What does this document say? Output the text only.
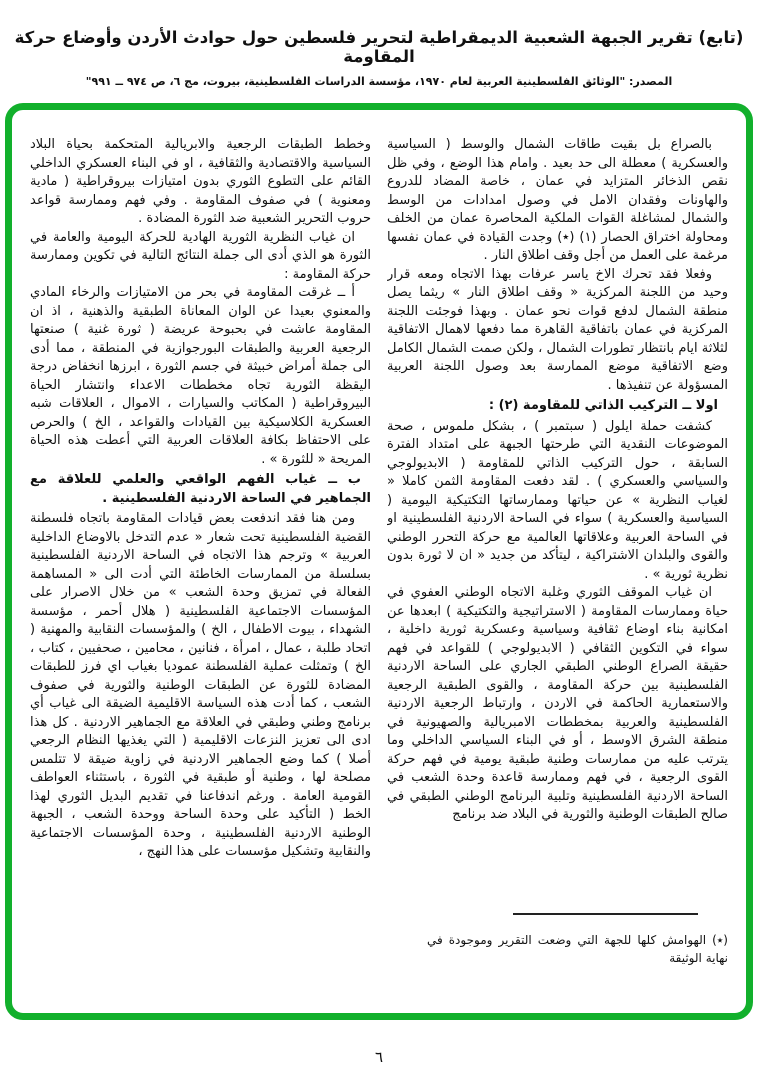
(تابع) تقرير الجبهة الشعبية الديمقراطية لتحرير فلسطين حول حوادث الأردن وأوضاع حركة المقاومة
المصدر: "الوثائق الفلسطينية العربية لعام ١٩٧٠، مؤسسة الدراسات الفلسطينية، بيروت، مج ٦، ص ٩٧٤ ــ ٩٩١"

بالصراع بل بقيت طاقات الشمال والوسط ( السياسية والعسكرية ) معطلة الى حد بعيد . وامام هذا الوضع ، وفي ظل نقص الذخائر المتزايد في عمان ، خاصة المضاد للدروع والهاونات وفقدان الامل في وصول امدادات من الوسط والشمال لمشاغلة القوات الملكية المحاصرة عمان من الخلف ومحاولة اختراق الحصار (١) (٭) وجدت القيادة في عمان نفسها مرغمة على العمل من أجل وقف اطلاق النار .

وفعلا فقد تحرك الاخ ياسر عرفات بهذا الاتجاه ومعه قرار وحيد من اللجنة المركزية « وقف اطلاق النار » ريثما يصل منطقة الشمال لدفع قوات نحو عمان . وبهذا فوجئت اللجنة المركزية في عمان باتفاقية القاهرة مما دفعها لاهمال الاتفاقية لثلاثة ايام بانتظار تطورات الشمال ، ولكن صمت الشمال الكامل وضع الاتفاقية موضع الممارسة بعد وصول اللجنة العربية المسؤولة عن تنفيذها .

اولا ــ التركيب الذاتي للمقاومة (٢) :

كشفت حملة ايلول ( سبتمبر ) ، بشكل ملموس ، صحة الموضوعات النقدية التي طرحتها الجبهة على امتداد الفترة السابقة ، حول التركيب الذاتي للمقاومة ( الابديولوجي والسياسي والعسكري ) . لقد دفعت المقاومة الثمن كاملا « لغياب النظرية » عن حياتها وممارساتها التكتيكية اليومية ( السياسية والعسكرية ) سواء في الساحة الاردنية الفلسطينية او في الساحة العربية وعلاقاتها العالمية مع حركة التحرر الوطني والقوى والبلدان الاشتراكية ، ليتأكد من جديد « ان لا ثورة بدون نظرية ثورية » .

ان غياب الموقف الثوري وغلبة الاتجاه الوطني العفوي في حياة وممارسات المقاومة ( الاستراتيجية والتكتيكية ) ابعدها عن امكانية بناء اوضاع ثقافية وسياسية وعسكرية ثورية داخلية ، سواء في التكوين الثقافي ( الابديولوجي ) للقواعد في فهم حقيقة الصراع الوطني الطبقي الجاري على الساحة الاردنية الفلسطينية بين حركة المقاومة ، والقوى الطبقية الرجعية والاستعمارية الحاكمة في الاردن ، وارتباط الرجعية الاردنية الفلسطينية والعربية بمخططات الامبريالية والصهيونية في منطقة الشرق الاوسط ، أو في البناء السياسي الداخلي وما يترتب عليه من ممارسات وطنية طبقية يومية في فهم حركة القوى الرجعية ، في فهم وممارسة قاعدة وحدة الشعب في الساحة الاردنية الفلسطينية وتلبية البرنامج الوطني الطبقي في صالح الطبقات الوطنية والثورية في البلاد ضد برنامج

(٭) الهوامش كلها للجهة التي وضعت التقرير وموجودة في نهاية الوثيقة

وخطط الطبقات الرجعية والابريالية المتحكمة بحياة البلاد السياسية والاقتصادية والثقافية ، او في البناء العسكري الداخلي القائم على التطوع الثوري بدون امتيازات بيروقراطية ( مادية ومعنوية ) في صفوف المقاومة . وفي فهم وممارسة قواعد حروب التحرير الشعبية ضد الثورة المضادة .

ان غياب النظرية الثورية الهادية للحركة اليومية والعامة في الثورة هو الذي أدى الى جملة النتائج التالية في تكوين وممارسة حركة المقاومة :

أ ــ غرقت المقاومة في بحر من الامتيازات والرخاء المادي والمعنوي بعيدا عن الوان المعاناة الطبقية والذهنية ، اذ ان المقاومة عاشت في بحبوحة عريضة ( ثورة غنية ) صنعتها الرجعية العربية والطبقات البورجوازية في المنطقة ، مما أدى الى جملة أمراض خبيثة في جسم الثورة ، ابرزها انخفاض درجة اليقظة الثورية تجاه مخططات الاعداء وانتشار الحياة البيروقراطية ( المكاتب والسيارات ، الاموال ، العلاقات شبه العسكرية الكلاسيكية بين القيادات والقواعد ، الخ ) والحرص على الاحتفاظ بكافة العلاقات العربية التي أعطت هذه الحياة المريحة « للثورة » .

ب ــ غياب الفهم الواقعي والعلمي للعلاقة مع الجماهير في الساحة الاردنية الفلسطينية .

ومن هنا فقد اندفعت بعض قيادات المقاومة باتجاه فلسطنة القضية الفلسطينية تحت شعار « عدم التدخل بالاوضاع الداخلية العربية » وترجم هذا الاتجاه في الساحة الاردنية الفلسطينية بسلسلة من الممارسات الخاطئة التي أدت الى « المساهمة الفعالة في تمزيق وحدة الشعب » من خلال الاصرار على المؤسسات الاجتماعية الفلسطينية ( هلال أحمر ، مؤسسة الشهداء ، بيوت الاطفال ، الخ ) والمؤسسات النقابية والمهنية ( اتحاد طلبة ، عمال ، امرأة ، فنانين ، محامين ، صحفيين ، كتاب ، الخ ) وتمثلت عملية الفلسطنة عموديا بغياب اي فرز للطبقات المضادة للثورة عن الطبقات الوطنية والثورية في صفوف الشعب ، كما أدت هذه السياسة الاقليمية الضيقة الى غياب أي برنامج وطني وطبقي في العلاقة مع الجماهير الاردنية . كل هذا ادى الى تعزيز النزعات الاقليمية ( التي يغذيها النظام الرجعي أصلا ) كما وضع الجماهير الاردنية في زاوية ضيقة لا تتلمس مصلحة لها ، وطنية أو طبقية في الثورة ، باستثناء العواطف القومية العامة . ورغم اندفاعنا في تقديم البديل الثوري لهذا الخط ( التأكيد على وحدة الساحة ووحدة الشعب ، الجبهة الوطنية الاردنية الفلسطينية ، وحدة المؤسسات الاجتماعية والنقابية وتشكيل مؤسسات على هذا النهج ،

٦
